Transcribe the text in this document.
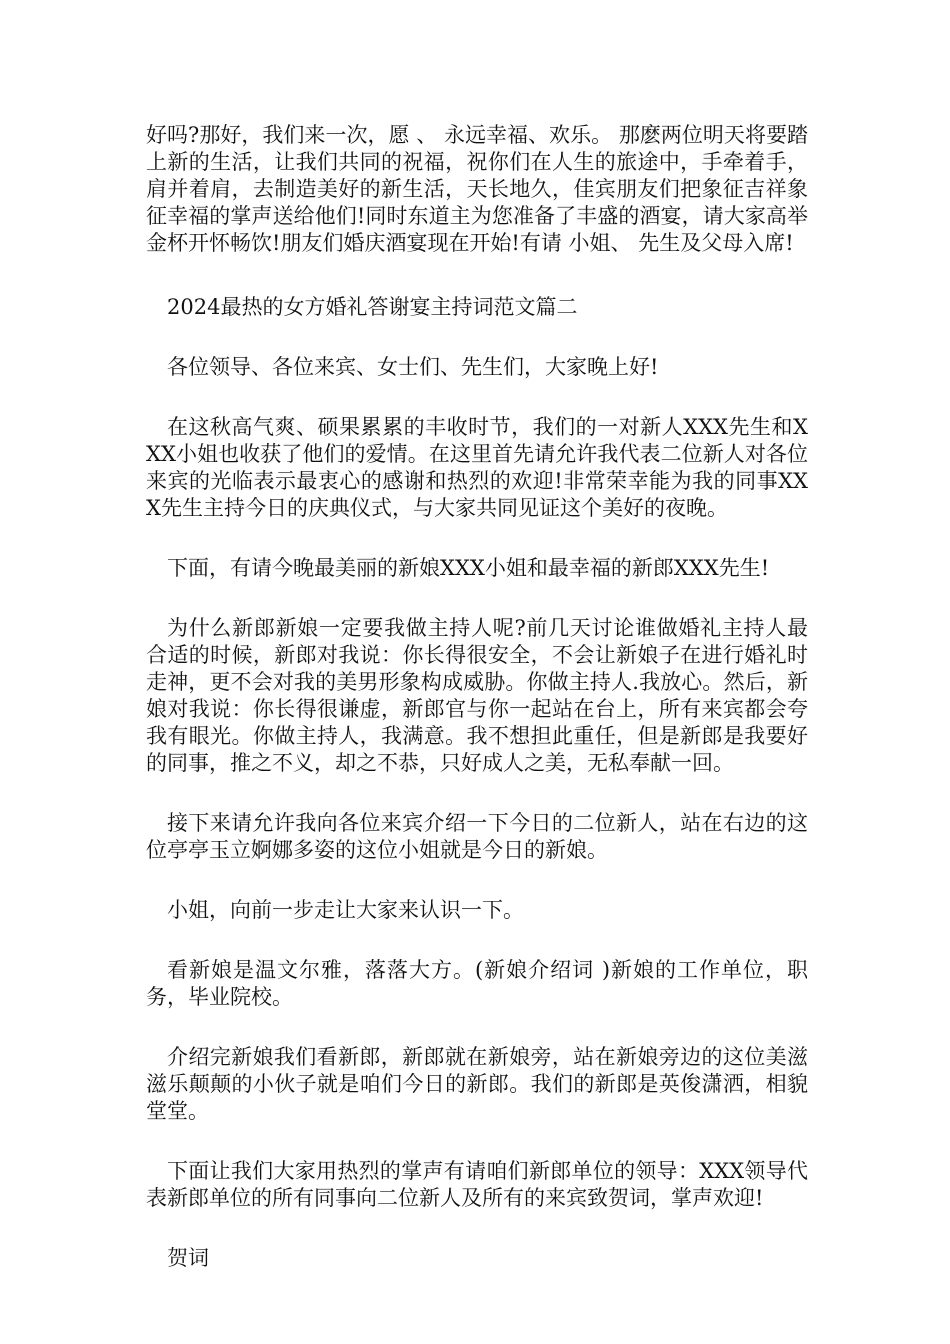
好吗?那好，我们来一次，愿 、 永远幸福、欢乐。 那麽两位明天将要踏上新的生活，让我们共同的祝福，祝你们在人生的旅途中，手牵着手，肩并着肩，去制造美好的新生活，天长地久，佳宾朋友们把象征吉祥象征幸福的掌声送给他们!同时东道主为您准备了丰盛的酒宴，请大家高举金杯开怀畅饮!朋友们婚庆酒宴现在开始!有请 小姐、 先生及父母入席!

2024最热的女方婚礼答谢宴主持词范文篇二

各位领导、各位来宾、女士们、先生们，大家晚上好!

在这秋高气爽、硕果累累的丰收时节，我们的一对新人XXX先生和XXX小姐也收获了他们的爱情。在这里首先请允许我代表二位新人对各位来宾的光临表示最衷心的感谢和热烈的欢迎!非常荣幸能为我的同事XXX先生主持今日的庆典仪式，与大家共同见证这个美好的夜晚。

下面，有请今晚最美丽的新娘XXX小姐和最幸福的新郎XXX先生!

为什么新郎新娘一定要我做主持人呢?前几天讨论谁做婚礼主持人最合适的时候，新郎对我说：你长得很安全，不会让新娘子在进行婚礼时走神，更不会对我的美男形象构成威胁。你做主持人.我放心。然后，新娘对我说：你长得很谦虚，新郎官与你一起站在台上，所有来宾都会夸我有眼光。你做主持人，我满意。我不想担此重任，但是新郎是我要好的同事，推之不义，却之不恭，只好成人之美，无私奉献一回。

接下来请允许我向各位来宾介绍一下今日的二位新人，站在右边的这位亭亭玉立婀娜多姿的这位小姐就是今日的新娘。

小姐，向前一步走让大家来认识一下。

看新娘是温文尔雅，落落大方。(新娘介绍词 )新娘的工作单位，职务，毕业院校。

介绍完新娘我们看新郎，新郎就在新娘旁，站在新娘旁边的这位美滋滋乐颠颠的小伙子就是咱们今日的新郎。我们的新郎是英俊潇洒，相貌堂堂。

下面让我们大家用热烈的掌声有请咱们新郎单位的领导：XXX领导代表新郎单位的所有同事向二位新人及所有的来宾致贺词，掌声欢迎!

贺词
